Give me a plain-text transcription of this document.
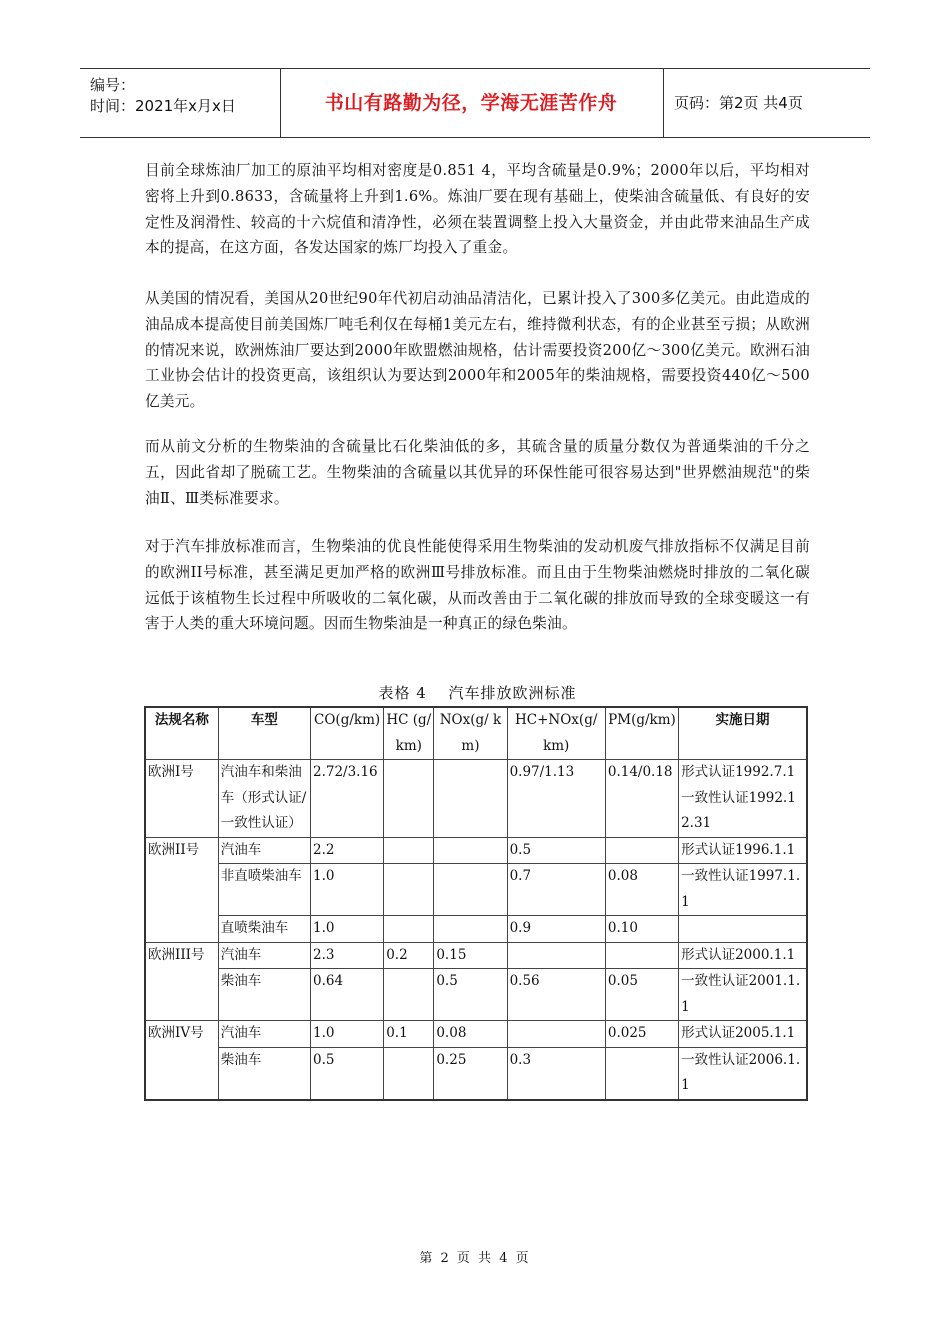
编号：
时间：2021年x月x日	书山有路勤为径，学海无涯苦作舟	页码：第2页 共4页

目前全球炼油厂加工的原油平均相对密度是0.851 4，平均含硫量是0.9%；2000年以后，平均相对密将上升到0.8633，含硫量将上升到1.6%。炼油厂要在现有基础上，使柴油含硫量低、有良好的安定性及润滑性、较高的十六烷值和清净性，必须在装置调整上投入大量资金，并由此带来油品生产成本的提高，在这方面，各发达国家的炼厂均投入了重金。

从美国的情况看，美国从20世纪90年代初启动油品清洁化，已累计投入了300多亿美元。由此造成的油品成本提高使目前美国炼厂吨毛利仅在每桶1美元左右，维持微利状态，有的企业甚至亏损；从欧洲的情况来说，欧洲炼油厂要达到2000年欧盟燃油规格，估计需要投资200亿～300亿美元。欧洲石油工业协会估计的投资更高，该组织认为要达到2000年和2005年的柴油规格，需要投资440亿～500亿美元。

而从前文分析的生物柴油的含硫量比石化柴油低的多，其硫含量的质量分数仅为普通柴油的千分之五，因此省却了脱硫工艺。生物柴油的含硫量以其优异的环保性能可很容易达到"世界燃油规范"的柴油Ⅱ、Ⅲ类标准要求。

对于汽车排放标准而言，生物柴油的优良性能使得采用生物柴油的发动机废气排放指标不仅满足目前的欧洲II号标准，甚至满足更加严格的欧洲Ⅲ号排放标准。而且由于生物柴油燃烧时排放的二氧化碳远低于该植物生长过程中所吸收的二氧化碳，从而改善由于二氧化碳的排放而导致的全球变暖这一有害于人类的重大环境问题。因而生物柴油是一种真正的绿色柴油。

表格 4　 汽车排放欧洲标准
法规名称	车型	CO(g/km)	HC (g/ km)	NOx(g/ km)	HC+NOx(g/ km)	PM(g/km)	实施日期
欧洲I号	汽油车和柴油车（形式认证/一致性认证）	2.72/3.16			0.97/1.13	0.14/0.18	形式认证1992.7.1一致性认证1992.12.31
欧洲II号	汽油车	2.2			0.5		形式认证1996.1.1
	非直喷柴油车	1.0			0.7	0.08	一致性认证1997.1.1
	直喷柴油车	1.0			0.9	0.10	
欧洲III号	汽油车	2.3	0.2	0.15			形式认证2000.1.1
	柴油车	0.64		0.5	0.56	0.05	一致性认证2001.1.1
欧洲IV号	汽油车	1.0	0.1	0.08		0.025	形式认证2005.1.1
	柴油车	0.5		0.25	0.3		一致性认证2006.1.1
第 2 页 共 4 页
